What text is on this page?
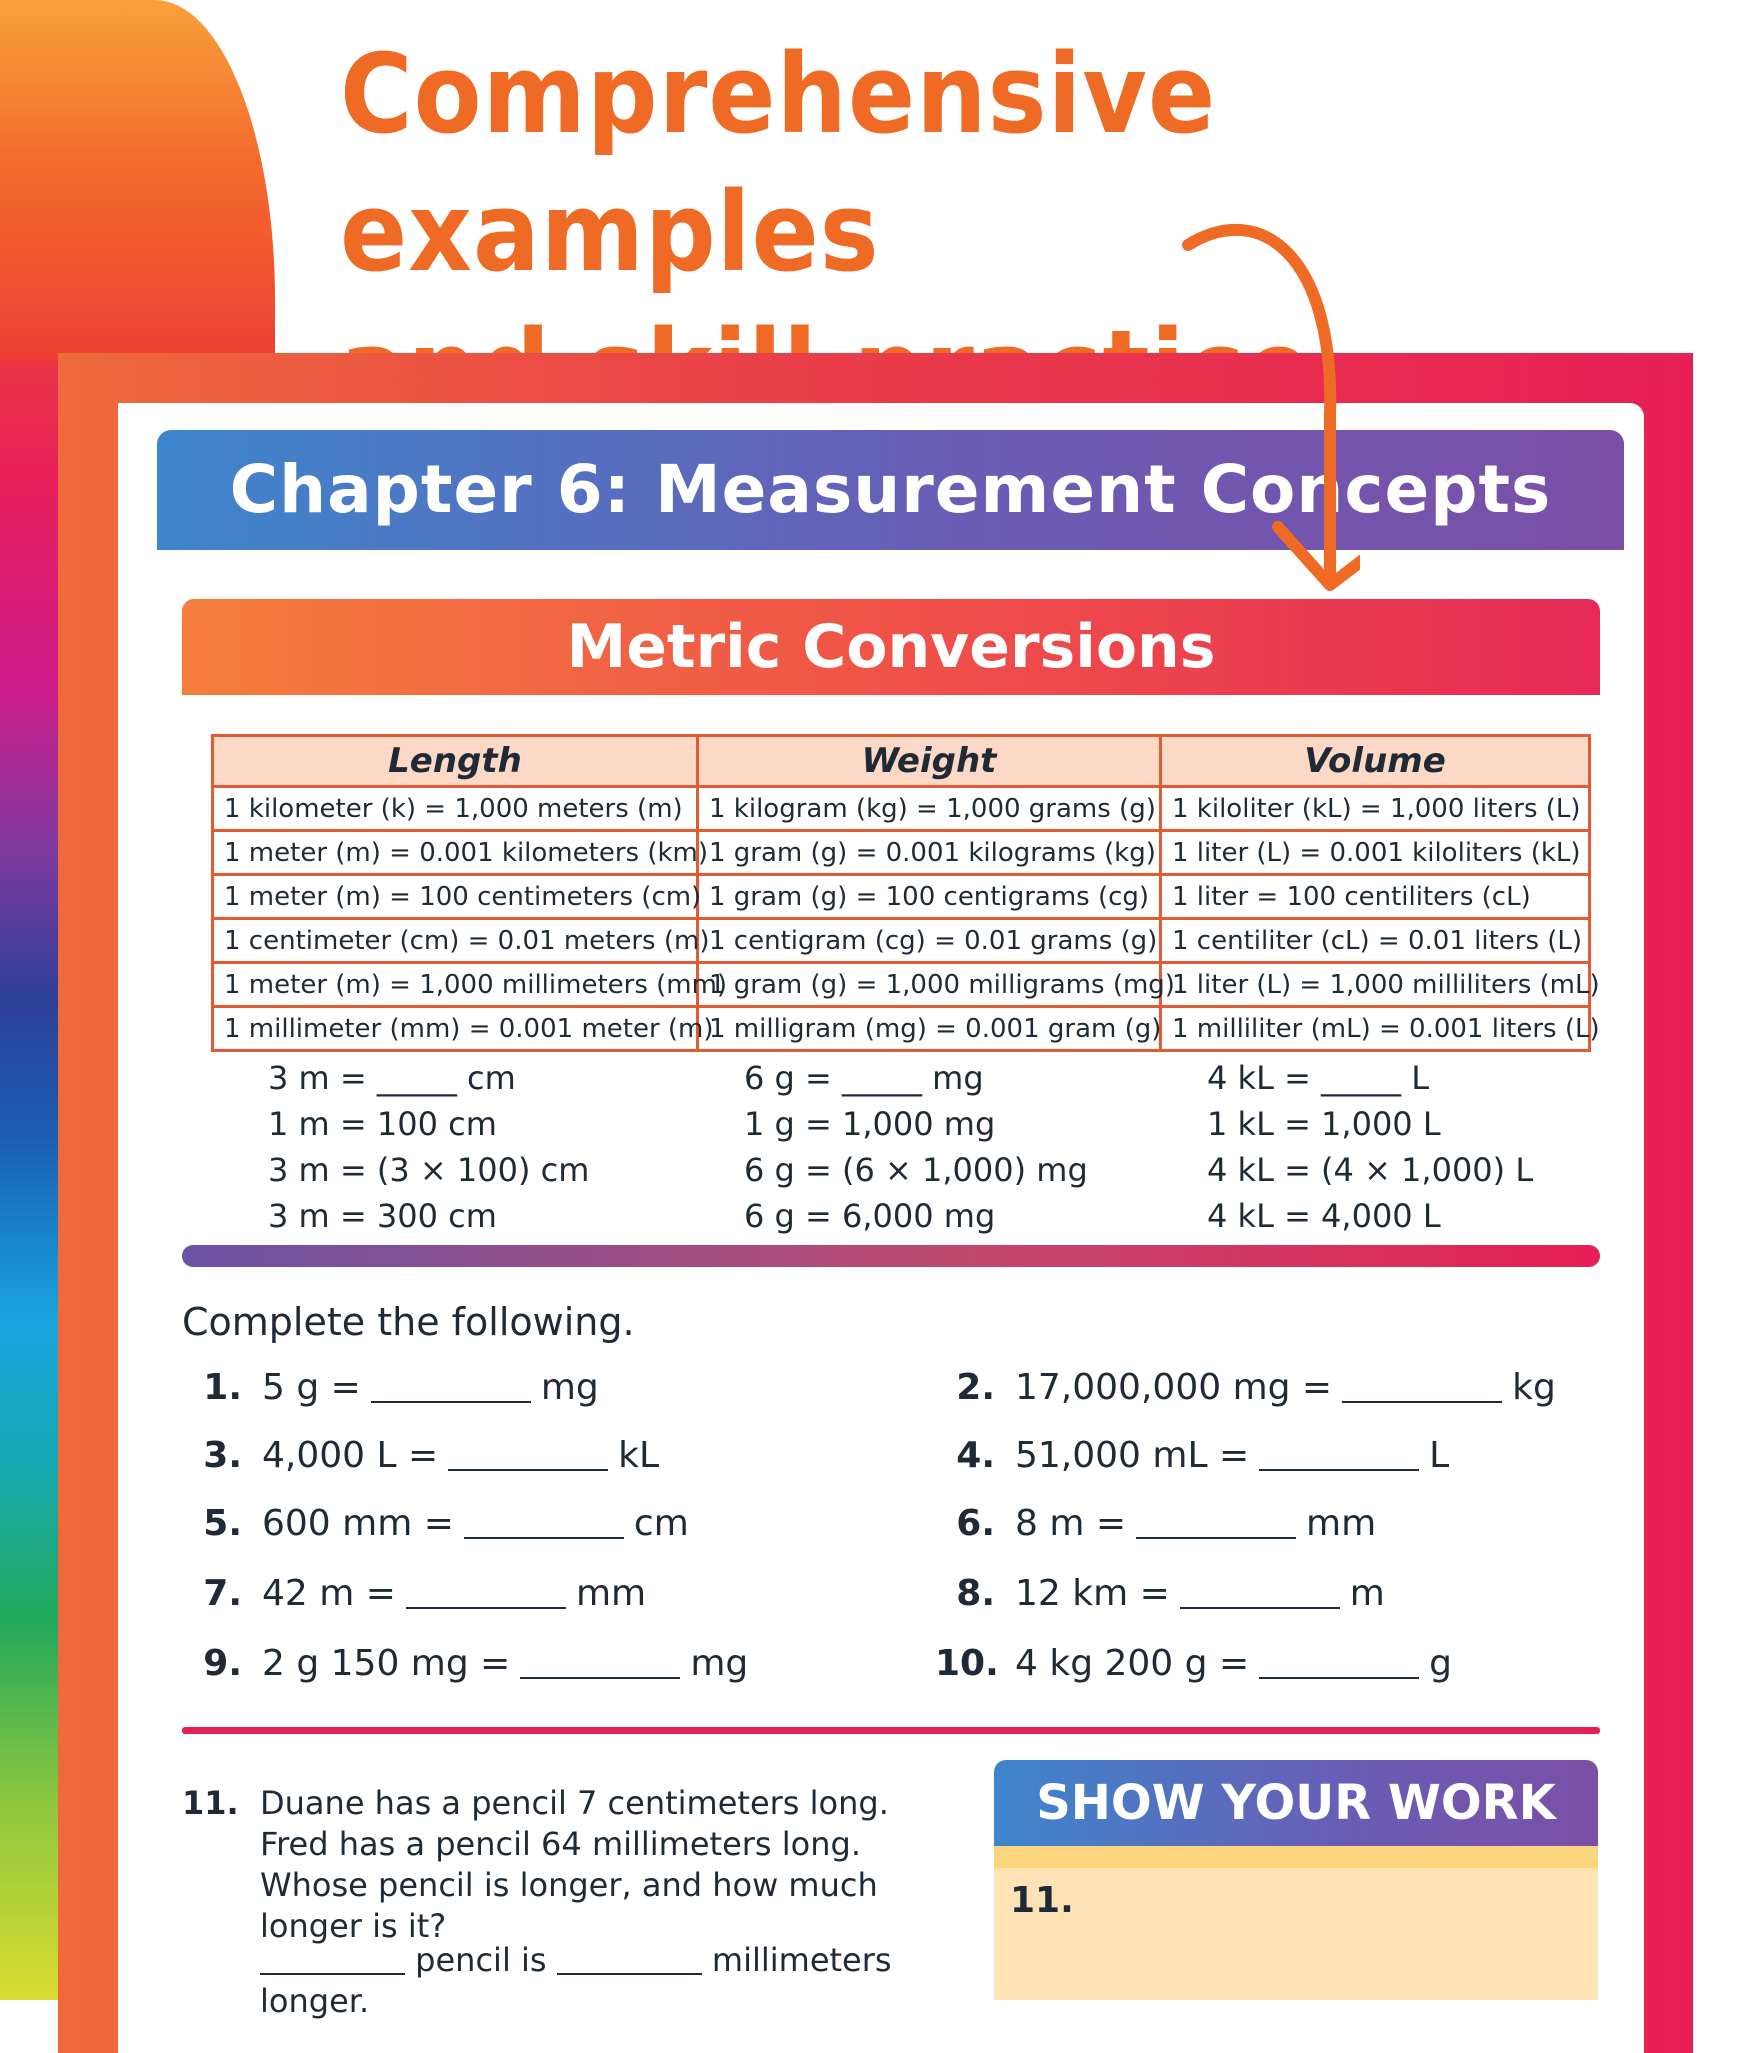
Comprehensive examples
Chapter 6: Measurement Concepts
Metric Conversions
Length	Weight	Volume
1 kilometer (k) = 1,000 meters (m)	1 kilogram (kg) = 1,000 grams (g)	1 kiloliter (kL) = 1,000 liters (L)
1 meter (m) = 0.001 kilometers (km)	1 gram (g) = 0.001 kilograms (kg)	1 liter (L) = 0.001 kiloliters (kL)
1 meter (m) = 100 centimeters (cm)	1 gram (g) = 100 centigrams (cg)	1 liter = 100 centiliters (cL)
1 centimeter (cm) = 0.01 meters (m)	1 centigram (cg) = 0.01 grams (g)	1 centiliter (cL) = 0.01 liters (L)
1 meter (m) = 1,000 millimeters (mm)	1 gram (g) = 1,000 milligrams (mg)	1 liter (L) = 1,000 milliliters (mL)
1 millimeter (mm) = 0.001 meter (m)	1 milligram (mg) = 0.001 gram (g)	1 milliliter (mL) = 0.001 liters (L)
3 m = _____ cm
1 m = 100 cm
3 m = (3 × 100) cm
3 m = 300 cm
6 g = _____ mg
1 g = 1,000 mg
6 g = (6 × 1,000) mg
6 g = 6,000 mg
4 kL = _____ L
1 kL = 1,000 L
4 kL = (4 × 1,000) L
4 kL = 4,000 L
Complete the following.
1. 5 g =	mg
3. 4,000 L =	kL
5. 600 mm =	cm
7. 42 m =	mm
9. 2 g 150 mg =	mg
2. 17,000,000 mg =	kg
4. 51,000 mL =	L
6. 8 m =	mm
8. 12 km =	m
10. 4 kg 200 g =	g
11. Duane has a pencil 7 centimeters long. Fred has a pencil 64 millimeters long. Whose pencil is longer, and how much longer is it?
pencil is	millimeters
longer.
SHOW YOUR WORK
11.
